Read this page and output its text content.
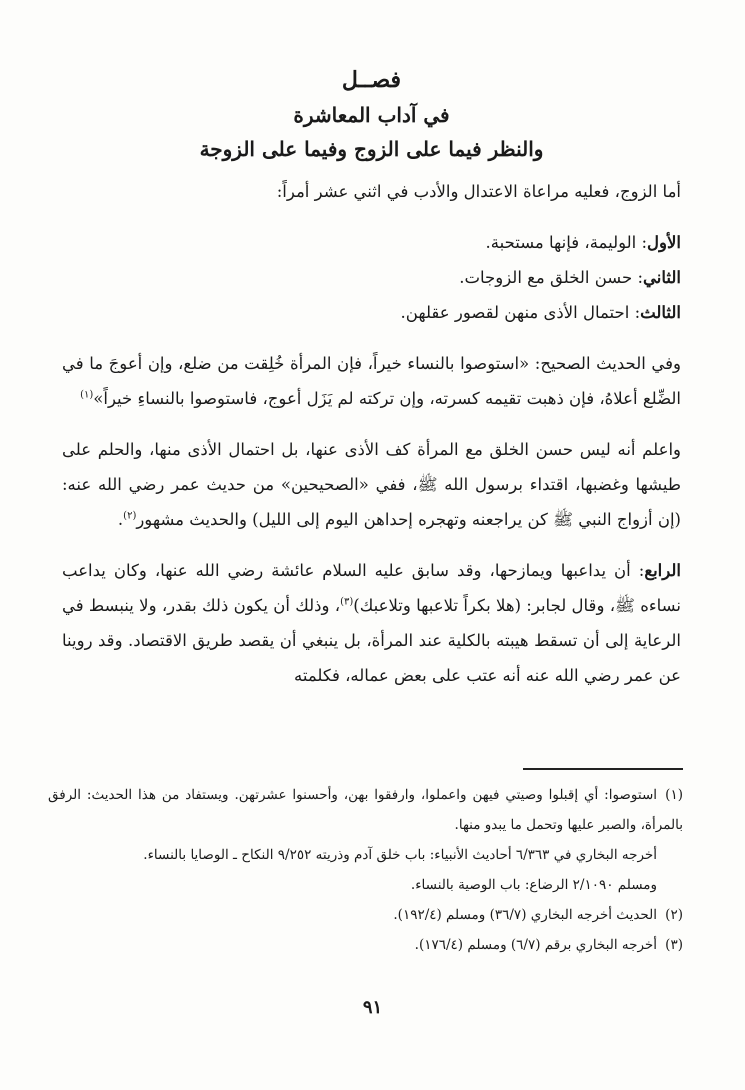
فصــل
في آداب المعاشرة
والنظر فيما على الزوج وفيما على الزوجة

أما الزوج، فعليه مراعاة الاعتدال والأدب في اثني عشر أمراً:

الأول: الوليمة، فإنها مستحبة.

الثاني: حسن الخلق مع الزوجات.

الثالث: احتمال الأذى منهن لقصور عقلهن.

وفي الحديث الصحيح: «استوصوا بالنساء خيراً، فإن المرأة خُلِقت من ضلع، وإن أعوجَ ما في الضِّلع أعلاهُ، فإن ذهبت تقيمه كسرته، وإن تركته لم يَزَل أعوج، فاستوصوا بالنساءِ خيراً»$^{(١)}$

واعلم أنه ليس حسن الخلق مع المرأة كف الأذى عنها، بل احتمال الأذى منها، والحلم على طيشها وغضبها، اقتداء برسول الله ﷺ، ففي «الصحيحين» من حديث عمر رضي الله عنه: (إن أزواج النبي ﷺ كن يراجعنه وتهجره إحداهن اليوم إلى الليل) والحديث مشهور$^{(٢)}$.

الرابع: أن يداعبها ويمازحها، وقد سابق عليه السلام عائشة رضي الله عنها، وكان يداعب نساءه ﷺ، وقال لجابر: (هلا بكراً تلاعبها وتلاعبك)$^{(٣)}$، وذلك أن يكون ذلك بقدر، ولا ينبسط في الرعاية إلى أن تسقط هيبته بالكلية عند المرأة، بل ينبغي أن يقصد طريق الاقتصاد. وقد روينا عن عمر رضي الله عنه أنه عتب على بعض عماله، فكلمته

(١)استوصوا: أي إقبلوا وصيتي فيهن واعملوا، وارفقوا بهن، وأحسنوا عشرتهن. ويستفاد من هذا الحديث: الرفق بالمرأة، والصبر عليها وتحمل ما يبدو منها.

أخرجه البخاري في ٦/٣٦٣ أحاديث الأنبياء: باب خلق آدم وذريته ٩/٢٥٢ النكاح ـ الوصايا بالنساء.

ومسلم ٢/١٠٩٠ الرضاع: باب الوصية بالنساء.

(٢)الحديث أخرجه البخاري (٣٦/٧) ومسلم (١٩٢/٤).

(٣)أخرجه البخاري برقم (٦/٧) ومسلم (١٧٦/٤).

٩١
